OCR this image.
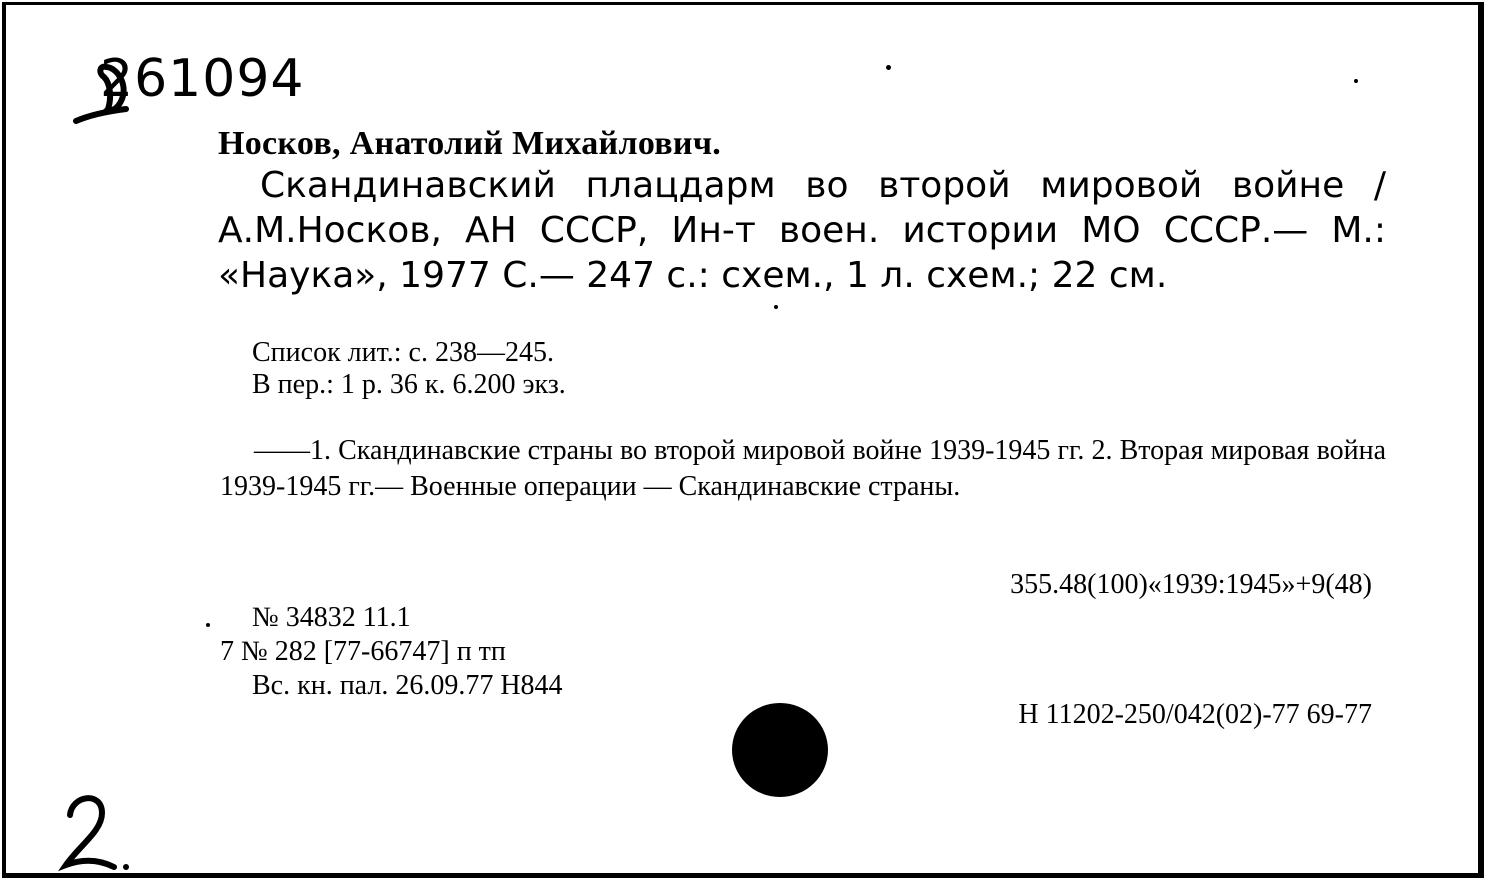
261094
Носков, Анатолий Михайлович.
Скандинавский плацдарм во второй мировой войне / А.М.Носков, АН СССР, Ин-т воен. истории МО СССР.— М.: «Наука», 1977 С.— 247 с.: схем., 1 л. схем.; 22 см.
Список лит.: с. 238—245.
В пер.: 1 р. 36 к. 6.200 экз.
——1. Скандинавские страны во второй мировой войне 1939-1945 гг. 2. Вторая мировая война 1939-1945 гг.— Военные операции — Скандинавские страны.
355.48(100)«1939:1945»+9(48)
№ 34832 11.1
7 № 282 [77-66747] п тп
Вс. кн. пал. 26.09.77 Н844
Н 11202-250/042(02)-77 69-77
